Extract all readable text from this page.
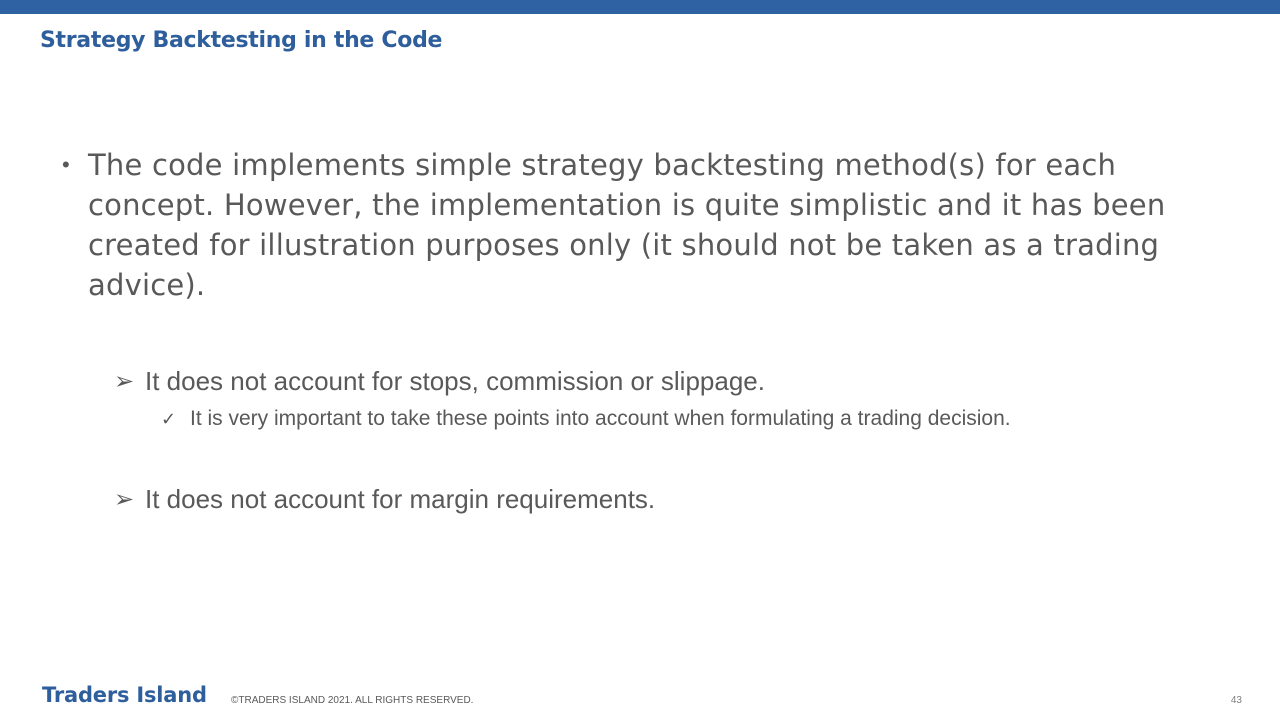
Strategy Backtesting in the Code
• The code implements simple strategy backtesting method(s) for each concept. However, the implementation is quite simplistic and it has been created for illustration purposes only (it should not be taken as a trading advice).
➢ It does not account for stops, commission or slippage.
✓ It is very important to take these points into account when formulating a trading decision.
➢ It does not account for margin requirements.
Traders Island ©TRADERS ISLAND 2021. ALL RIGHTS RESERVED.	43
